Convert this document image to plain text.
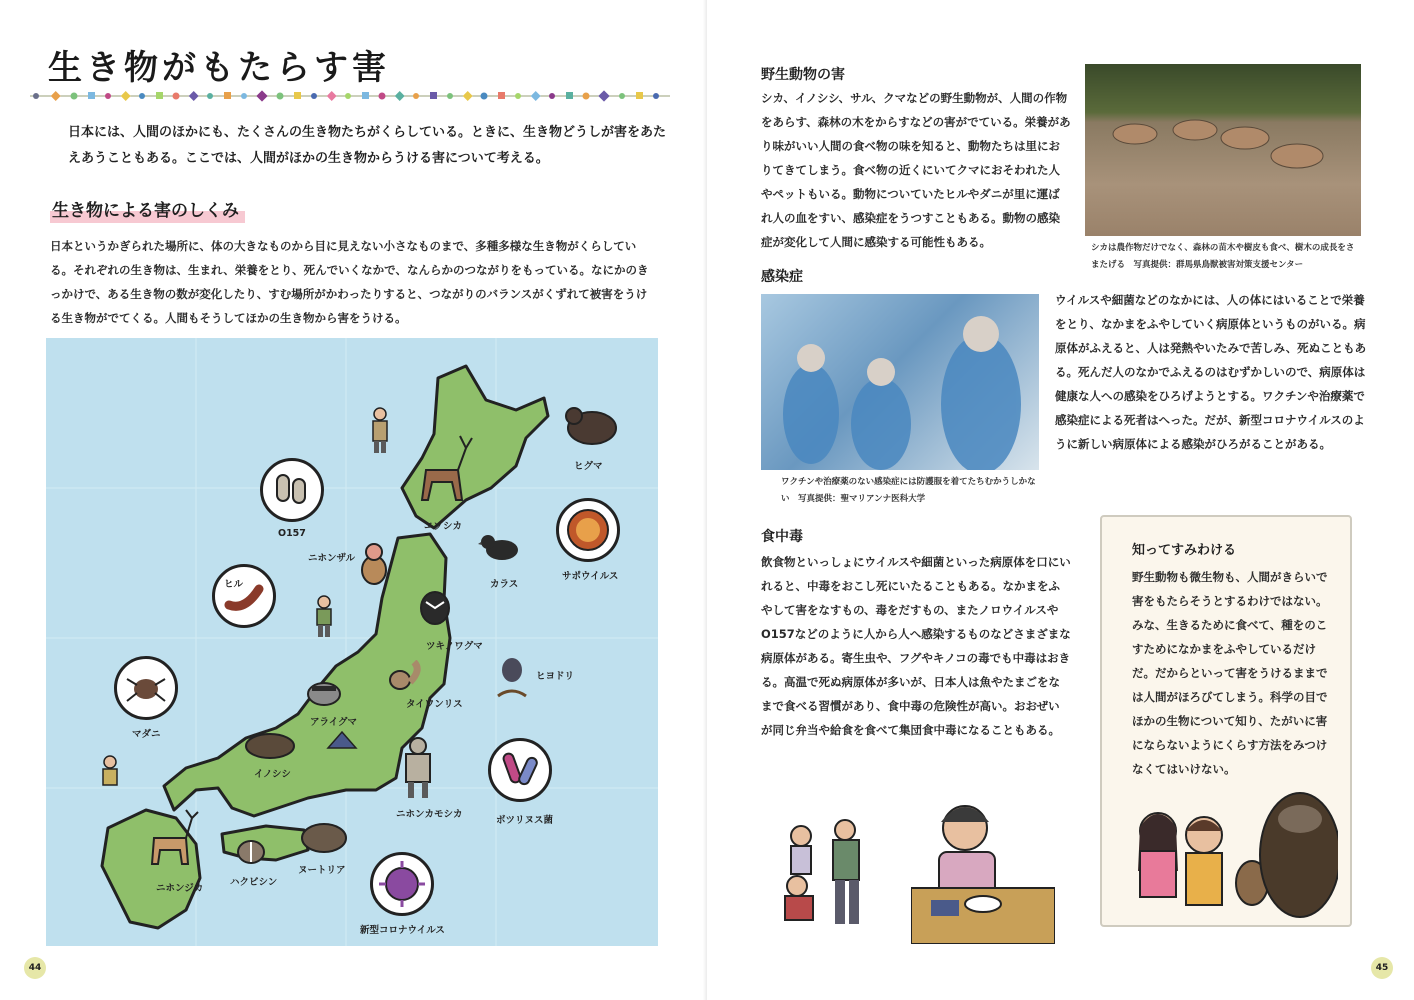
生き物がもたらす害
日本には、人間のほかにも、たくさんの生き物たちがくらしている。ときに、生き物どうしが害をあたえあうこともある。ここでは、人間がほかの生き物からうける害について考える。
生き物による害のしくみ
日本というかぎられた場所に、体の大きなものから目に見えない小さなものまで、多種多様な生き物がくらしている。それぞれの生き物は、生まれ、栄養をとり、死んでいくなかで、なんらかのつながりをもっている。なにかのきっかけで、ある生き物の数が変化したり、すむ場所がかわったりすると、つながりのバランスがくずれて被害をうける生き物がでてくる。人間もそうしてほかの生き物から害をうける。
ヒグマ
エゾシカ
O157
ニホンザル
カラス
サポウイルス
ヒル
ツキノワグマ
ヒヨドリ
タイワンリス
アライグマ
マダニ
イノシシ
ニホンカモシカ
ボツリヌス菌
ニホンジカ
ハクビシン
ヌートリア
新型コロナウイルス
44
野生動物の害
シカ、イノシシ、サル、クマなどの野生動物が、人間の作物をあらす、森林の木をからすなどの害がでている。栄養があり味がいい人間の食べ物の味を知ると、動物たちは里におりてきてしまう。食べ物の近くにいてクマにおそわれた人やペットもいる。動物についていたヒルやダニが里に運ばれ人の血をすい、感染症をうつすこともある。動物の感染症が変化して人間に感染する可能性もある。	シカは農作物だけでなく、森林の苗木や樹皮も食べ、樹木の成長をさまたげる　写真提供：群馬県鳥獣被害対策支援センター
感染症
ワクチンや治療薬のない感染症には防護服を着てたちむかうしかない　写真提供：聖マリアンナ医科大学
ウイルスや細菌などのなかには、人の体にはいることで栄養をとり、なかまをふやしていく病原体というものがいる。病原体がふえると、人は発熱やいたみで苦しみ、死ぬこともある。死んだ人のなかでふえるのはむずかしいので、病原体は健康な人への感染をひろげようとする。ワクチンや治療薬で感染症による死者はへった。だが、新型コロナウイルスのように新しい病原体による感染がひろがることがある。
食中毒
飲食物といっしょにウイルスや細菌といった病原体を口にいれると、中毒をおこし死にいたることもある。なかまをふやして害をなすもの、毒をだすもの、またノロウイルスやO157などのように人から人へ感染するものなどさまざまな病原体がある。寄生虫や、フグやキノコの毒でも中毒はおきる。高温で死ぬ病原体が多いが、日本人は魚やたまごをなまで食べる習慣があり、食中毒の危険性が高い。おおぜいが同じ弁当や給食を食べて集団食中毒になることもある。
知ってすみわける
野生動物も微生物も、人間がきらいで害をもたらそうとするわけではない。みな、生きるために食べて、種をのこすためになかまをふやしているだけだ。だからといって害をうけるままでは人間がほろびてしまう。科学の目でほかの生物について知り、たがいに害にならないようにくらす方法をみつけなくてはいけない。
45
